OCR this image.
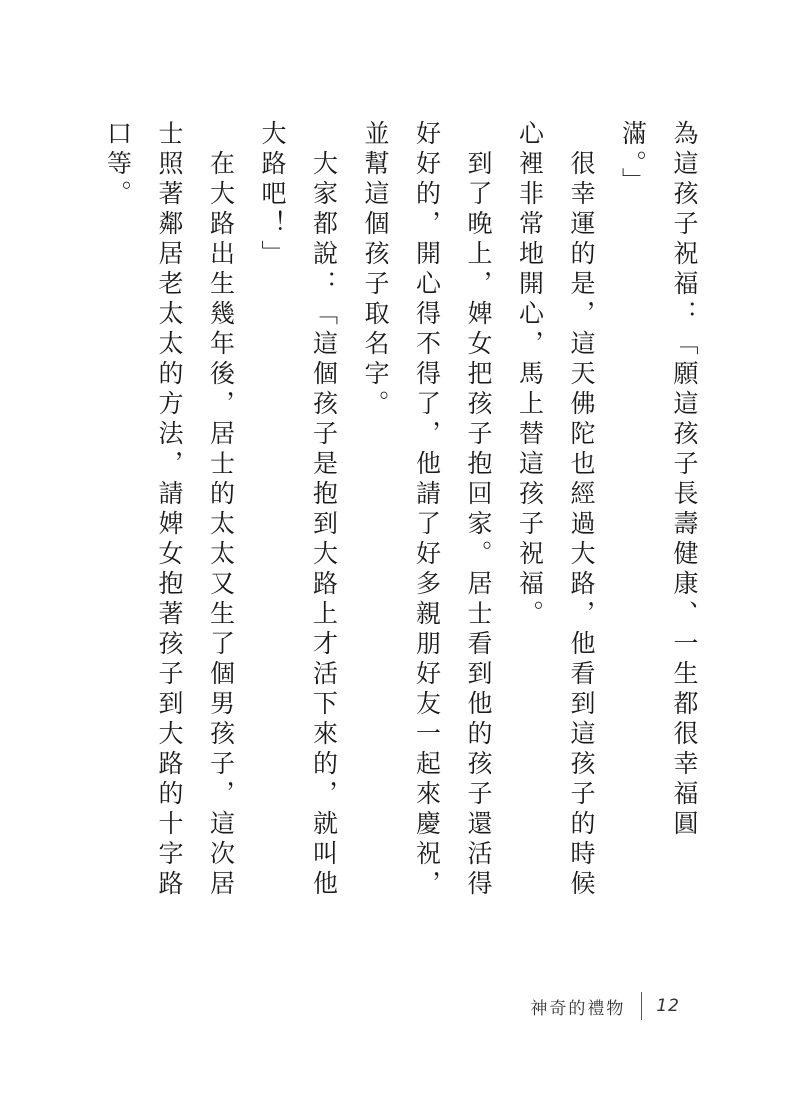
為這孩子祝福：「願這孩子長壽健康、一生都很幸福圓滿。」

很幸運的是，這天佛陀也經過大路，他看到這孩子的時候心裡非常地開心，馬上替這孩子祝福。

到了晚上，婢女把孩子抱回家。居士看到他的孩子還活得好好的，開心得不得了，他請了好多親朋好友一起來慶祝，並幫這個孩子取名字。

大家都說：「這個孩子是抱到大路上才活下來的，就叫他大路吧！」

在大路出生幾年後，居士的太太又生了個男孩子，這次居士照著鄰居老太太的方法，請婢女抱著孩子到大路的十字路口等。

神奇的禮物 12
